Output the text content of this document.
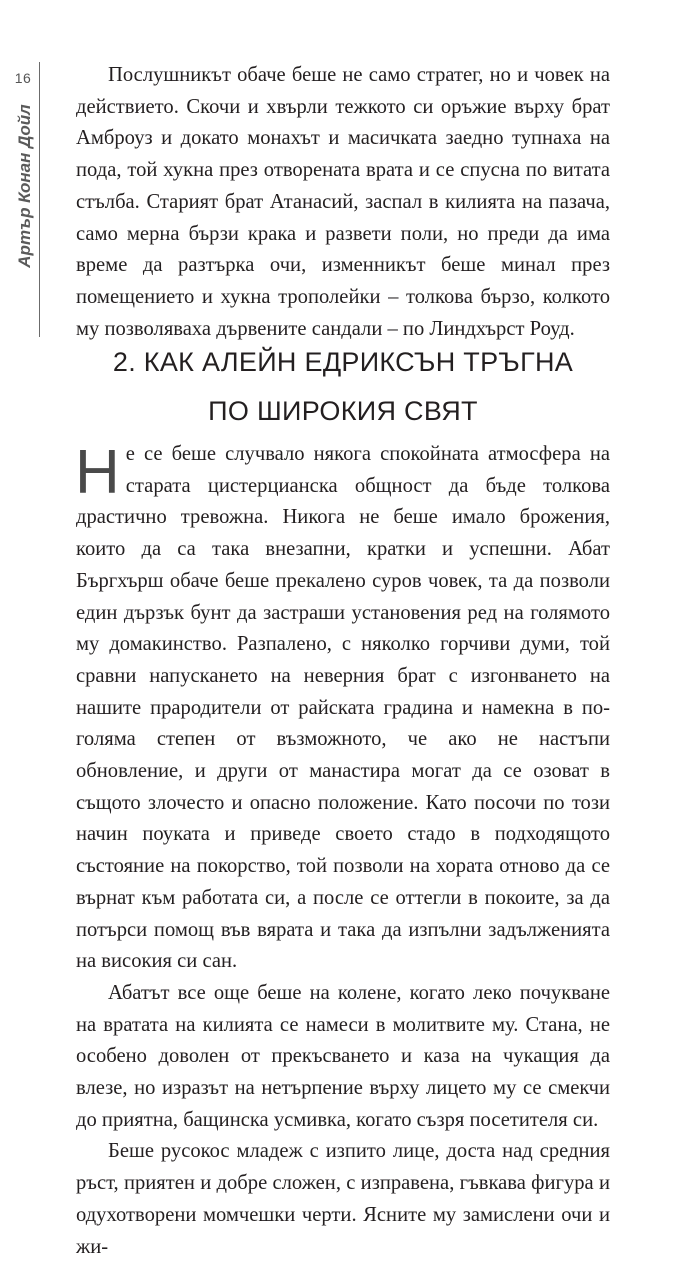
16
Артър Конан Дойл

Послушникът обаче беше не само стратег, но и човек на действието. Скочи и хвърли тежкото си оръжие върху брат Амброуз и докато монахът и масичката заедно тупнаха на пода, той хукна през отворената врата и се спусна по витата стълба. Старият брат Атанасий, заспал в килията на пазача, само мерна бързи крака и развети поли, но преди да има време да разтърка очи, изменникът беше минал през помещението и хукна трополейки – толкова бързо, колкото му позволяваха дървените сандали – по Линдхърст Роуд.

2. КАК АЛЕЙН ЕДРИКСЪН ТРЪГНА
ПО ШИРОКИЯ СВЯТ

Не се беше случвало някога спокойната атмосфера на старата цистерцианска общност да бъде толкова драстично тревожна. Никога не беше имало брожения, които да са така внезапни, кратки и успешни. Абат Бъргхърш обаче беше прекалено суров човек, та да позволи един дързък бунт да застраши установения ред на голямото му домакинство. Разпалено, с няколко горчиви думи, той сравни напускането на неверния брат с изгонването на нашите прародители от райската градина и намекна в по-голяма степен от възможното, че ако не настъпи обновление, и други от манастира могат да се озоват в същото злочесто и опасно положение. Като посочи по този начин поуката и приведе своето стадо в подходящото състояние на покорство, той позволи на хората отново да се върнат към работата си, а после се оттегли в покоите, за да потърси помощ във вярата и така да изпълни задълженията на високия си сан.

Абатът все още беше на колене, когато леко почукване на вратата на килията се намеси в молитвите му. Стана, не особено доволен от прекъсването и каза на чукащия да влезе, но изразът на нетърпение върху лицето му се смекчи до приятна, бащинска усмивка, когато съзря посетителя си.

Беше русокос младеж с изпито лице, доста над средния ръст, приятен и добре сложен, с изправена, гъвкава фигура и одухотворени момчешки черти. Ясните му замислени очи и жи-
